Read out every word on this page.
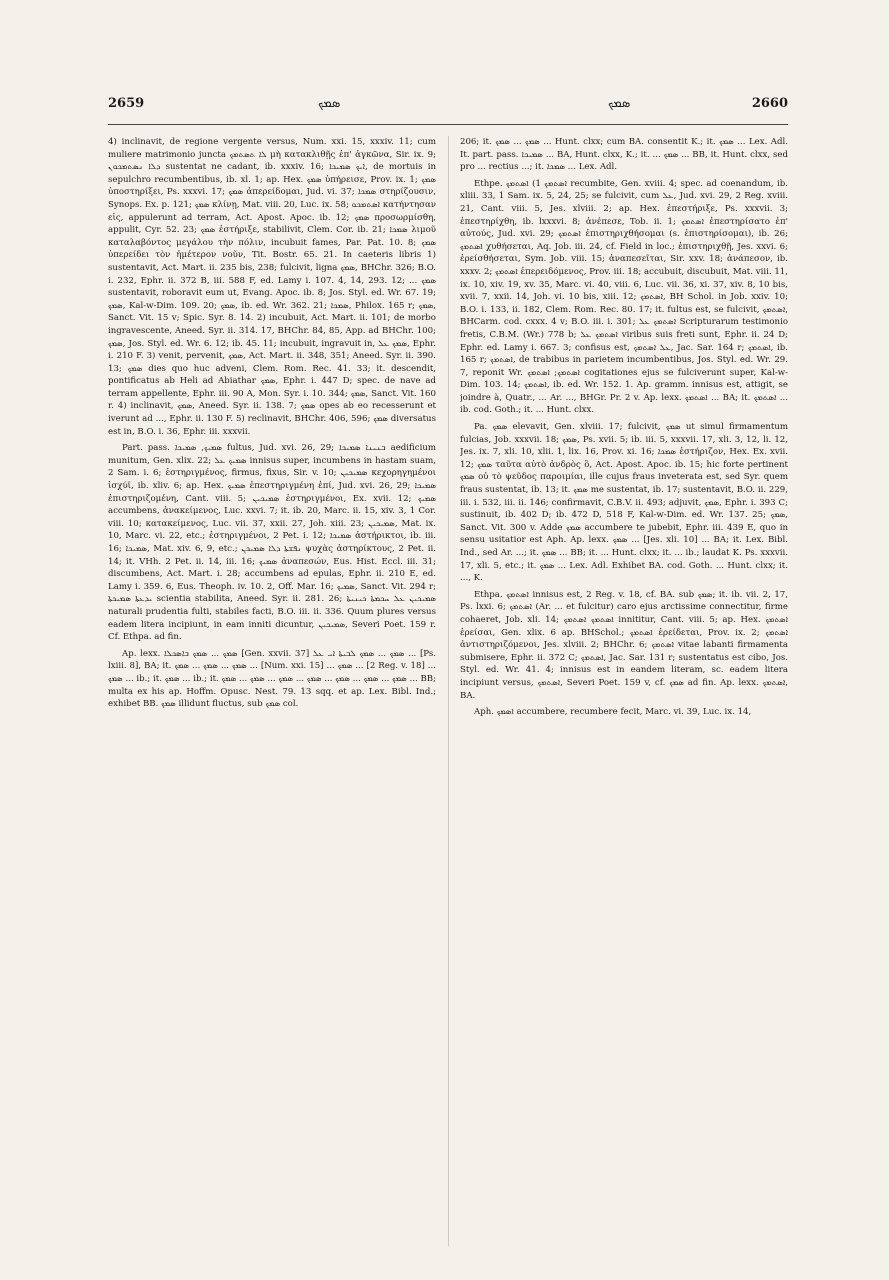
2659	ܣܡܟ	ܣܡܟ	2660

4) inclinavit, de regione vergente versus, Num. xxi. 15, xxxiv. 11; cum muliere matrimonio juncta ܠܐ ܬܣܬܡܟ μὴ κατακλιθῇς ἐπ' ἀγκῶνα, Sir. ix. 9; ܕܠܐ ܢܣܬܡܟܘܢ sustentat ne cadant, ib. xxxiv. 16; ܐܝܟ ܣܡܝܟܐ, de mortuis in sepulchro recumbentibus, ib. xl. 1; ap. Hex. ܣܡܟ ὑπήρεισε, Prov. ix. 1; ܣܡܟ ὑποστηρίξει, Ps. xxxvi. 17; ܣܡܟ ἀπερείδομαι, Jud. vi. 37; ܣܡܟܐ στηρίζουσιν, Synops. Ex. p. 121; ܣܡܟ κλίνῃ, Mat. viii. 20, Luc. ix. 58; ܐܣܬܡܟܘ κατήντησαν εἰς, appulerunt ad terram, Act. Apost. Apoc. ib. 12; ܣܡܟ προσωρμίσθη, appulit, Cyr. 52. 23; ܣܡܟ ἐστήριξε, stabilivit, Clem. Cor. ib. 21; ܣܡܟܐ λιμοῦ καταλαβόντος μεγάλου τὴν πόλιν, incubuit fames, Par. Pat. 10. 8; ܣܡܟ ὑπερείδει τὸν ἡμέτερον νοῦν, Tit. Bostr. 65. 21. In caeteris libris 1) sustentavit, Act. Mart. ii. 235 bis, 238; fulcivit, ligna ܣܡܟ, BHChr. 326; B.O. i. 232, Ephr. ii. 372 B, iii. 588 F, ed. Lamy i. 107. 4, 14, 293. 12; ... ܣܡܟ sustentavit, roboravit eum ut, Evang. Apoc. ib. 8; Jos. Styl. ed. Wr. 67. 19; ܣܡܟ, Kal-w-Dim. 109. 20; ܣܡܟ, ib. ed. Wr. 362. 21; ܣܡܟܐ, Philox. 165 r; ܣܡܟ, Sanct. Vit. 15 v; Spic. Syr. 8. 14. 2) incubuit, Act. Mart. ii. 101; de morbo ingravescente, Aneed. Syr. ii. 314. 17, BHChr. 84, 85, App. ad BHChr. 100; ܣܡܟ, Jos. Styl. ed. Wr. 6. 12; ib. 45. 11; incubuit, ingravuit in, ܣܡܟ ܥܠ, Ephr. i. 210 F. 3) venit, pervenit, ܣܡܟ, Act. Mart. ii. 348, 351; Aneed. Syr. ii. 390. 13; ܣܡܟ dies quo huc adveni, Clem. Rom. Rec. 41. 33; it. descendit, pontificatus ab Heli ad Abiathar ܣܡܟ, Ephr. i. 447 D; spec. de nave ad terram appellente, Ephr. iii. 90 A, Mon. Syr. i. 10. 344; ܣܡܟ, Sanct. Vit. 160 r. 4) inclinavit, ܣܡܟ, Aneed. Syr. ii. 138. 7; ܣܡܟ opes ab eo recesserunt et iverunt ad ..., Ephr. ii. 130 F. 5) reclinavit, BHChr. 406, 596; ܣܡܟ diversatus est in, B.O. i. 36, Ephr. iii. xxxvii.

Part. pass. ܣܡܝܟ, ܣܡܝܟܐ fultus, Jud. xvi. 26, 29; ܒܢܝܢܐ ܣܡܝܟܐ aedificium munitum, Gen. xlix. 22; ܣܡܝܟ ܥܠ innisus super, incumbens in hastam suam, 2 Sam. i. 6; ἐστηριγμένος, firmus, fixus, Sir. v. 10; ܣܡܝܟܝܢ κεχορηγημένοι ἰσχύϊ, ib. xliv. 6; ap. Hex. ܣܡܝܟ ἐπεστηριγμένη ἐπί, Jud. xvi. 26, 29; ܣܡܝܟܐ ἐπιστηριζομένη, Cant. viii. 5; ܣܡܝܟܝܢ ἐστηριγμένοι, Ex. xvii. 12; ܣܡܝܟ accumbens, ἀνακείμενος, Luc. xxvi. 7; it. ib. 20, Marc. ii. 15, xiv. 3, 1 Cor. viii. 10; κατακείμενος, Luc. vii. 37, xxii. 27, Joh. xiii. 23; ܣܡܝܟܝܢ, Mat. ix. 10, Marc. vi. 22, etc.; ἐστηριγμένοι, 2 Pet. i. 12; ܣܡܝܟܐ ἀστήρικτοι, ib. iii. 16; ܣܡܝܟܐ, Mat. xiv. 6, 9, etc.; ܢܦܫܬܐ ܕܠܐ ܣܡܝܟܢ ψυχὰς ἀστηρίκτους, 2 Pet. ii. 14; it. VHh. 2 Pet. ii. 14, iii. 16; ܣܡܝܟ ἀναπεσών, Eus. Hist. Eccl. iii. 31; discumbens, Act. Mart. i. 28; accumbens ad epulas, Ephr. ii. 210 E, ed. Lamy i. 359. 6, Eus. Theoph. iv. 10. 2, Off. Mar. 16; ܣܡܝܟ, Sanct. Vit. 294 r; ܝܕܥܬܐ ܣܡܝܟܬܐ scientia stabilita, Aneed. Syr. ii. 281. 26; ܣܡܝܟܝܢ ܥܠ ܚܟܡܬܐ ܟܝܢܝܬܐ naturali prudentia fulti, stabiles facti, B.O. iii. ii. 336. Quum plures versus eadem litera incipiunt, in eam inniti dicuntur, ܣܡܝܟܝܢ, Severi Poet. 159 r. Cf. Ethpa. ad fin.

Ap. lexx. ܣܡܟ ... ܣܡܟ ܒܐܣܟܠܐ [Gen. xxvii. 37] ܣܡܟ ... ܣܡܟ ܠܒܝܬܐ ܐܝ ܥܠ ... [Ps. lxiii. 8], BA; it. ܣܡܟ ... ܣܡܟ ... ܣܡܟ ... [Num. xxi. 15] ... ܣܡܟ ... [2 Reg. v. 18] ... ܣܡܟ ... ib.; it. ܣܡܟ ... ib.; it. ܣܡܟ ... ܣܡܟ ... ܣܡܟ ... ܣܡܟ ... ܣܡܟ ... ܣܡܟ ... ܣܡܟ ... BB; multa ex his ap. Hoffm. Opusc. Nest. 79. 13 sqq. et ap. Lex. Bibl. Ind.; exhibet BB. ܣܡܟ illidunt fluctus, sub ܣܡܟ col.

206; it. ܣܡܟ ... ܣܡܟ ... Hunt. clxx; cum BA. consentit K.; it. ܣܡܟ ... Lex. Adl. It. part. pass. ܣܡܝܟܐ ... BA, Hunt. clxx, K.; it. ... ܣܡܟ ... BB, it. Hunt. clxx, sed pro ... rectius ...; it. ܣܡܟܐ ... Lex. Adl.

Ethpe. ܐܣܬܡܟ 1) ܐܣܬܡܟ recumbite, Gen. xviii. 4; spec. ad coenandum, ib. xliii. 33, 1 Sam. ix. 5, 24, 25; se fulcivit, cum ܥܠ, Jud. xvi. 29, 2 Reg. xviii. 21, Cant. viii. 5, Jes. xlviii. 2; ap. Hex. ἐπεστήριξε, Ps. xxxvii. 3; ἐπεστηρίχθη, ib. lxxxvi. 8; ἀνέπεσε, Tob. ii. 1; ܐܣܬܡܟ ἐπεστηρίσατο ἐπ' αὐτούς, Jud. xvi. 29; ܐܣܬܡܟ ἐπιστηριχθήσομαι (s. ἐπιστηρίσομαι), ib. 26; ܐܣܬܡܟ χυθήσεται, Aq. Job. iii. 24, cf. Field in loc.; ἐπιστηριχθῇ, Jes. xxvi. 6; ἐρείσθήσεται, Sym. Job. viii. 15; ἀναπεσεῖται, Sir. xxv. 18; ἀνάπεσον, ib. xxxv. 2; ܐܣܬܡܟ ἐπερειδόμενος, Prov. iii. 18; accubuit, discubuit, Mat. viii. 11, ix. 10, xiv. 19, xv. 35, Marc. vi. 40, viii. 6, Luc. vii. 36, xi. 37, xiv. 8, 10 bis, xvii. 7, xxii. 14, Joh. vi. 10 bis, xiii. 12; ܐܣܬܡܟ, BH Schol. in Job. xxiv. 10; B.O. i. 133, ii. 182, Clem. Rom. Rec. 80. 17; it. fultus est, se fulcivit, ܐܣܬܡܟ, BHCarm. cod. cxxx. 4 v; B.O. iii. i. 301; ܐܣܬܡܟ ܥܠ Scripturarum testimonio fretis, C.B.M. (Wr.) 778 b; ܐܣܬܡܟ ܥܠ viribus suis freti sunt, Ephr. ii. 24 D; Ephr. ed. Lamy i. 667. 3; confisus est, ܥܠ ܐܣܬܡܟ, Jac. Sar. 164 r; ܐܣܬܡܟ, ib. 165 r; ܐܣܬܡܟ, de trabibus in parietem incumbentibus, Jos. Styl. ed. Wr. 29. 7, reponit Wr. ܐܣܬܡܟ; ܐܣܬܡܟ cogitationes ejus se fulciverunt super, Kal-w-Dim. 103. 14; ܐܣܬܡܟ, ib. ed. Wr. 152. 1. Ap. gramm. innisus est, attigit, se joindre à, Quatr., ... Ar. ..., BHGr. Pr. 2 v. Ap. lexx. ܐܣܬܡܟ ... BA; it. ܐܣܬܡܟ ... ib. cod. Goth.; it. ... Hunt. clxx.

Pa. ܣܡܟ elevavit, Gen. xlviii. 17; fulcivit, ܣܡܟ ut simul firmamentum fulcias, Job. xxxvii. 18; ܣܡܟ, Ps. xvii. 5; ib. iii. 5, xxxvii. 17, xli. 3, 12, li. 12, Jes. ix. 7, xli. 10, xlii. 1, lix. 16, Prov. xi. 16; ܣܡܟܐ ἐστήριζον, Hex. Ex. xvii. 12; ܣܡܟ ταῦτα αὐτὸ ἀνδρὸς ὃ, Act. Apost. Apoc. ib. 15; hic forte pertinent ܣܡܟ οὐ τὸ ψεῦδος παροιμίαι, ille cujus fraus inveterata est, sed Syr. quem fraus sustentat, ib. 13; it. ܣܡܟ me sustentat, ib. 17; sustentavit, B.O. ii. 229, iii. i. 532, iii. ii. 146; confirmavit, C.B.V. ii. 493; adjuvit, ܣܡܟ, Ephr. i. 393 C; sustinuit, ib. 402 D; ib. 472 D, 518 F, Kal-w-Dim. ed. Wr. 137. 25; ܣܡܟ, Sanct. Vit. 300 v. Adde ܣܡܟ accumbere te jubebit, Ephr. iii. 439 E, quo in sensu usitatior est Aph. Ap. lexx. ܣܡܟ ... [Jes. xli. 10] ... BA; it. Lex. Bibl. Ind., sed Ar. ...; it. ܣܡܟ ... BB; it. ... Hunt. clxx; it. ... ib.; laudat K. Ps. xxxvii. 17, xli. 5, etc.; it. ܣܡܟ ... Lex. Adl. Exhibet BA. cod. Goth. ... Hunt. clxx; it. ..., K.

Ethpa. ܐܣܬܡܟ innisus est, 2 Reg. v. 18, cf. BA. sub ܣܡܟ; it. ib. vii. 2, 17, Ps. lxxi. 6; ܐܣܬܡܟ (Ar. ... et fulcitur) caro ejus arctissime connectitur, firme cohaeret, Job. xli. 14; ܐܣܬܡܟ ܐܣܬܡܟ innititur, Cant. viii. 5; ap. Hex. ܐܣܬܡܟ ἐρείσαι, Gen. xlix. 6 ap. BHSchol.; ܐܣܬܡܟ ἐρείδεται, Prov. ix. 2; ܐܣܬܡܟ ἀντιστηριζόμενοι, Jes. xlviii. 2; BHChr. 6; ܐܣܬܡܟ vitae labanti firmamenta submisere, Ephr. ii. 372 C; ܐܣܬܡܟ, Jac. Sar. 131 r; sustentatus est cibo, Jos. Styl. ed. Wr. 41. 4; innisus est in eandem literam, sc. eadem litera incipiunt versus, ܐܣܬܡܟ, Severi Poet. 159 v, cf. ܣܡܟ ad fin. Ap. lexx. ܐܣܬܡܟ, BA.

Aph. ܐܣܡܟ accumbere, recumbere fecit, Marc. vi. 39, Luc. ix. 14,
